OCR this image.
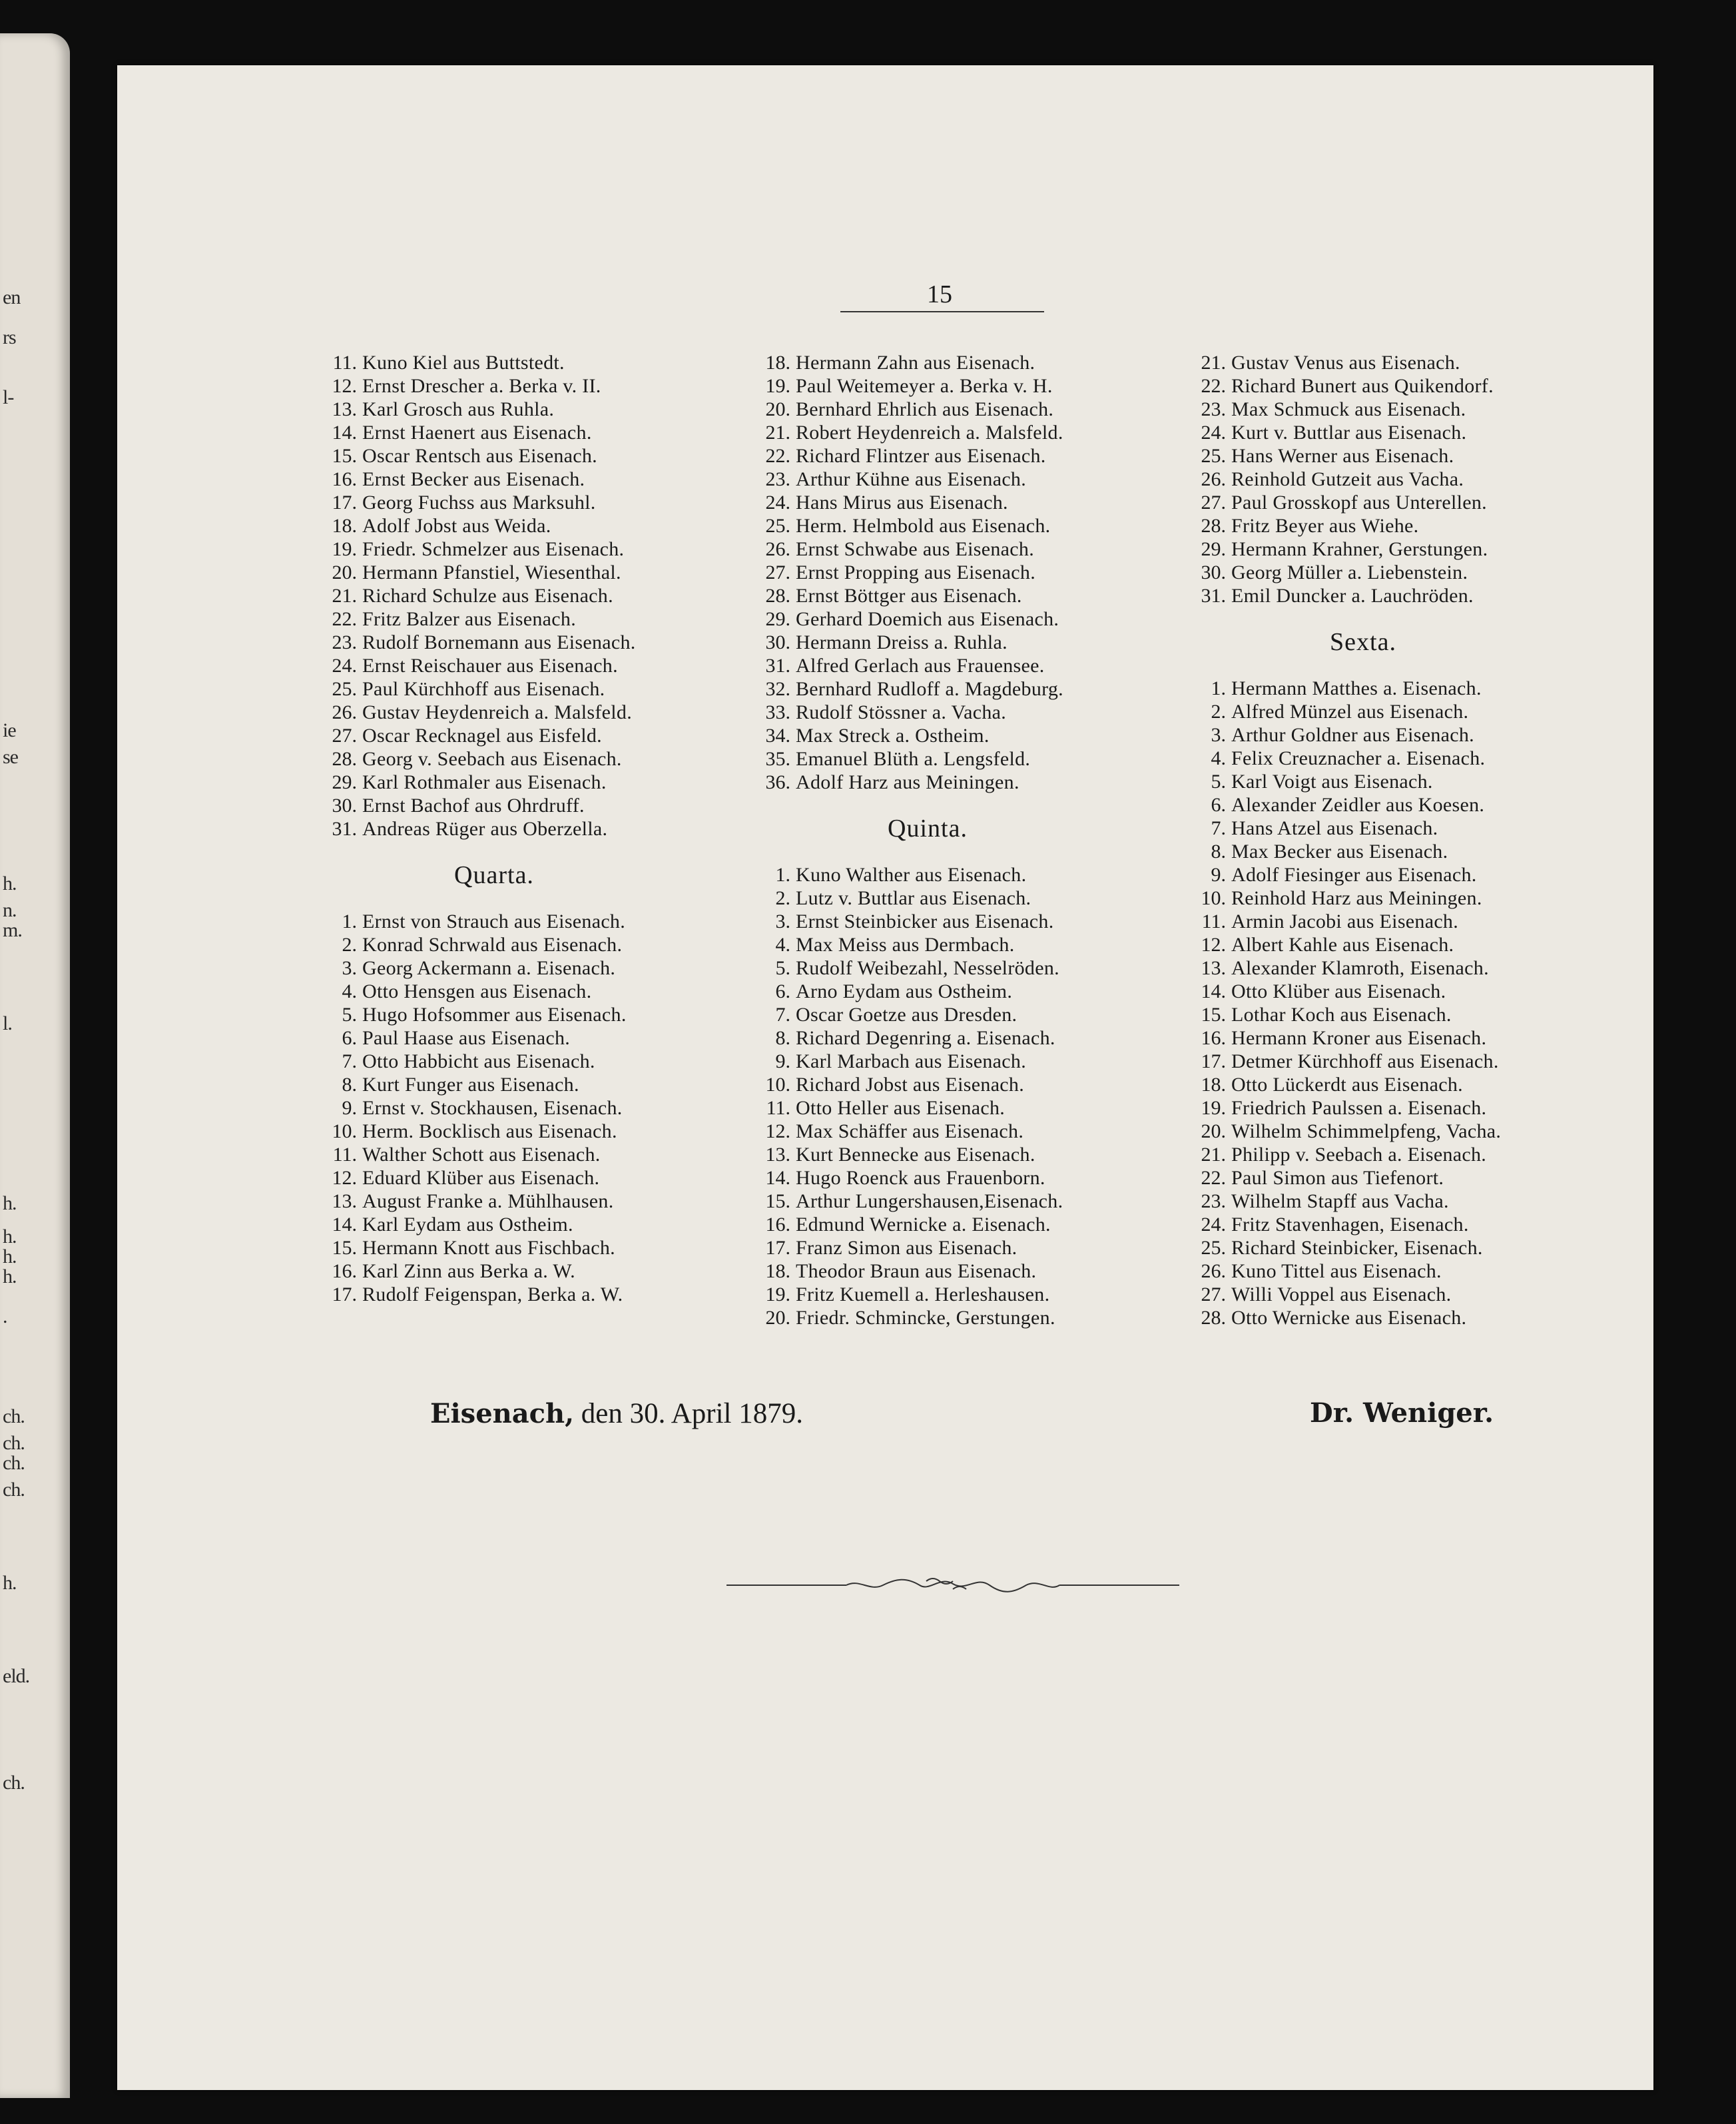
en
rs
l-
ie
se
h.
n.
m.
l.
h.
h.
h.
h.
.
ch.
ch.
ch.
ch.
h.
eld.
ch.
15
11. Kuno Kiel aus Buttstedt.
12. Ernst Drescher a. Berka v. II.
13. Karl Grosch aus Ruhla.
14. Ernst Haenert aus Eisenach.
15. Oscar Rentsch aus Eisenach.
16. Ernst Becker aus Eisenach.
17. Georg Fuchss aus Marksuhl.
18. Adolf Jobst aus Weida.
19. Friedr. Schmelzer aus Eisenach.
20. Hermann Pfanstiel, Wiesenthal.
21. Richard Schulze aus Eisenach.
22. Fritz Balzer aus Eisenach.
23. Rudolf Bornemann aus Eisenach.
24. Ernst Reischauer aus Eisenach.
25. Paul Kürchhoff aus Eisenach.
26. Gustav Heydenreich a. Malsfeld.
27. Oscar Recknagel aus Eisfeld.
28. Georg v. Seebach aus Eisenach.
29. Karl Rothmaler aus Eisenach.
30. Ernst Bachof aus Ohrdruff.
31. Andreas Rüger aus Oberzella.
Quarta.
1. Ernst von Strauch aus Eisenach.
2. Konrad Schrwald aus Eisenach.
3. Georg Ackermann a. Eisenach.
4. Otto Hensgen aus Eisenach.
5. Hugo Hofsommer aus Eisenach.
6. Paul Haase aus Eisenach.
7. Otto Habbicht aus Eisenach.
8. Kurt Funger aus Eisenach.
9. Ernst v. Stockhausen, Eisenach.
10. Herm. Bocklisch aus Eisenach.
11. Walther Schott aus Eisenach.
12. Eduard Klüber aus Eisenach.
13. August Franke a. Mühlhausen.
14. Karl Eydam aus Ostheim.
15. Hermann Knott aus Fischbach.
16. Karl Zinn aus Berka a. W.
17. Rudolf Feigenspan, Berka a. W.
18. Hermann Zahn aus Eisenach.
19. Paul Weitemeyer a. Berka v. H.
20. Bernhard Ehrlich aus Eisenach.
21. Robert Heydenreich a. Malsfeld.
22. Richard Flintzer aus Eisenach.
23. Arthur Kühne aus Eisenach.
24. Hans Mirus aus Eisenach.
25. Herm. Helmbold aus Eisenach.
26. Ernst Schwabe aus Eisenach.
27. Ernst Propping aus Eisenach.
28. Ernst Böttger aus Eisenach.
29. Gerhard Doemich aus Eisenach.
30. Hermann Dreiss a. Ruhla.
31. Alfred Gerlach aus Frauensee.
32. Bernhard Rudloff a. Magdeburg.
33. Rudolf Stössner a. Vacha.
34. Max Streck a. Ostheim.
35. Emanuel Blüth a. Lengsfeld.
36. Adolf Harz aus Meiningen.
Quinta.
1. Kuno Walther aus Eisenach.
2. Lutz v. Buttlar aus Eisenach.
3. Ernst Steinbicker aus Eisenach.
4. Max Meiss aus Dermbach.
5. Rudolf Weibezahl, Nesselröden.
6. Arno Eydam aus Ostheim.
7. Oscar Goetze aus Dresden.
8. Richard Degenring a. Eisenach.
9. Karl Marbach aus Eisenach.
10. Richard Jobst aus Eisenach.
11. Otto Heller aus Eisenach.
12. Max Schäffer aus Eisenach.
13. Kurt Bennecke aus Eisenach.
14. Hugo Roenck aus Frauenborn.
15. Arthur Lungershausen,Eisenach.
16. Edmund Wernicke a. Eisenach.
17. Franz Simon aus Eisenach.
18. Theodor Braun aus Eisenach.
19. Fritz Kuemell a. Herleshausen.
20. Friedr. Schmincke, Gerstungen.
21. Gustav Venus aus Eisenach.
22. Richard Bunert aus Quikendorf.
23. Max Schmuck aus Eisenach.
24. Kurt v. Buttlar aus Eisenach.
25. Hans Werner aus Eisenach.
26. Reinhold Gutzeit aus Vacha.
27. Paul Grosskopf aus Unterellen.
28. Fritz Beyer aus Wiehe.
29. Hermann Krahner, Gerstungen.
30. Georg Müller a. Liebenstein.
31. Emil Duncker a. Lauchröden.
Sexta.
1. Hermann Matthes a. Eisenach.
2. Alfred Münzel aus Eisenach.
3. Arthur Goldner aus Eisenach.
4. Felix Creuznacher a. Eisenach.
5. Karl Voigt aus Eisenach.
6. Alexander Zeidler aus Koesen.
7. Hans Atzel aus Eisenach.
8. Max Becker aus Eisenach.
9. Adolf Fiesinger aus Eisenach.
10. Reinhold Harz aus Meiningen.
11. Armin Jacobi aus Eisenach.
12. Albert Kahle aus Eisenach.
13. Alexander Klamroth, Eisenach.
14. Otto Klüber aus Eisenach.
15. Lothar Koch aus Eisenach.
16. Hermann Kroner aus Eisenach.
17. Detmer Kürchhoff aus Eisenach.
18. Otto Lückerdt aus Eisenach.
19. Friedrich Paulssen a. Eisenach.
20. Wilhelm Schimmelpfeng, Vacha.
21. Philipp v. Seebach a. Eisenach.
22. Paul Simon aus Tiefenort.
23. Wilhelm Stapff aus Vacha.
24. Fritz Stavenhagen, Eisenach.
25. Richard Steinbicker, Eisenach.
26. Kuno Tittel aus Eisenach.
27. Willi Voppel aus Eisenach.
28. Otto Wernicke aus Eisenach.
Eisenach, den 30. April 1879.	Dr. Weniger.
